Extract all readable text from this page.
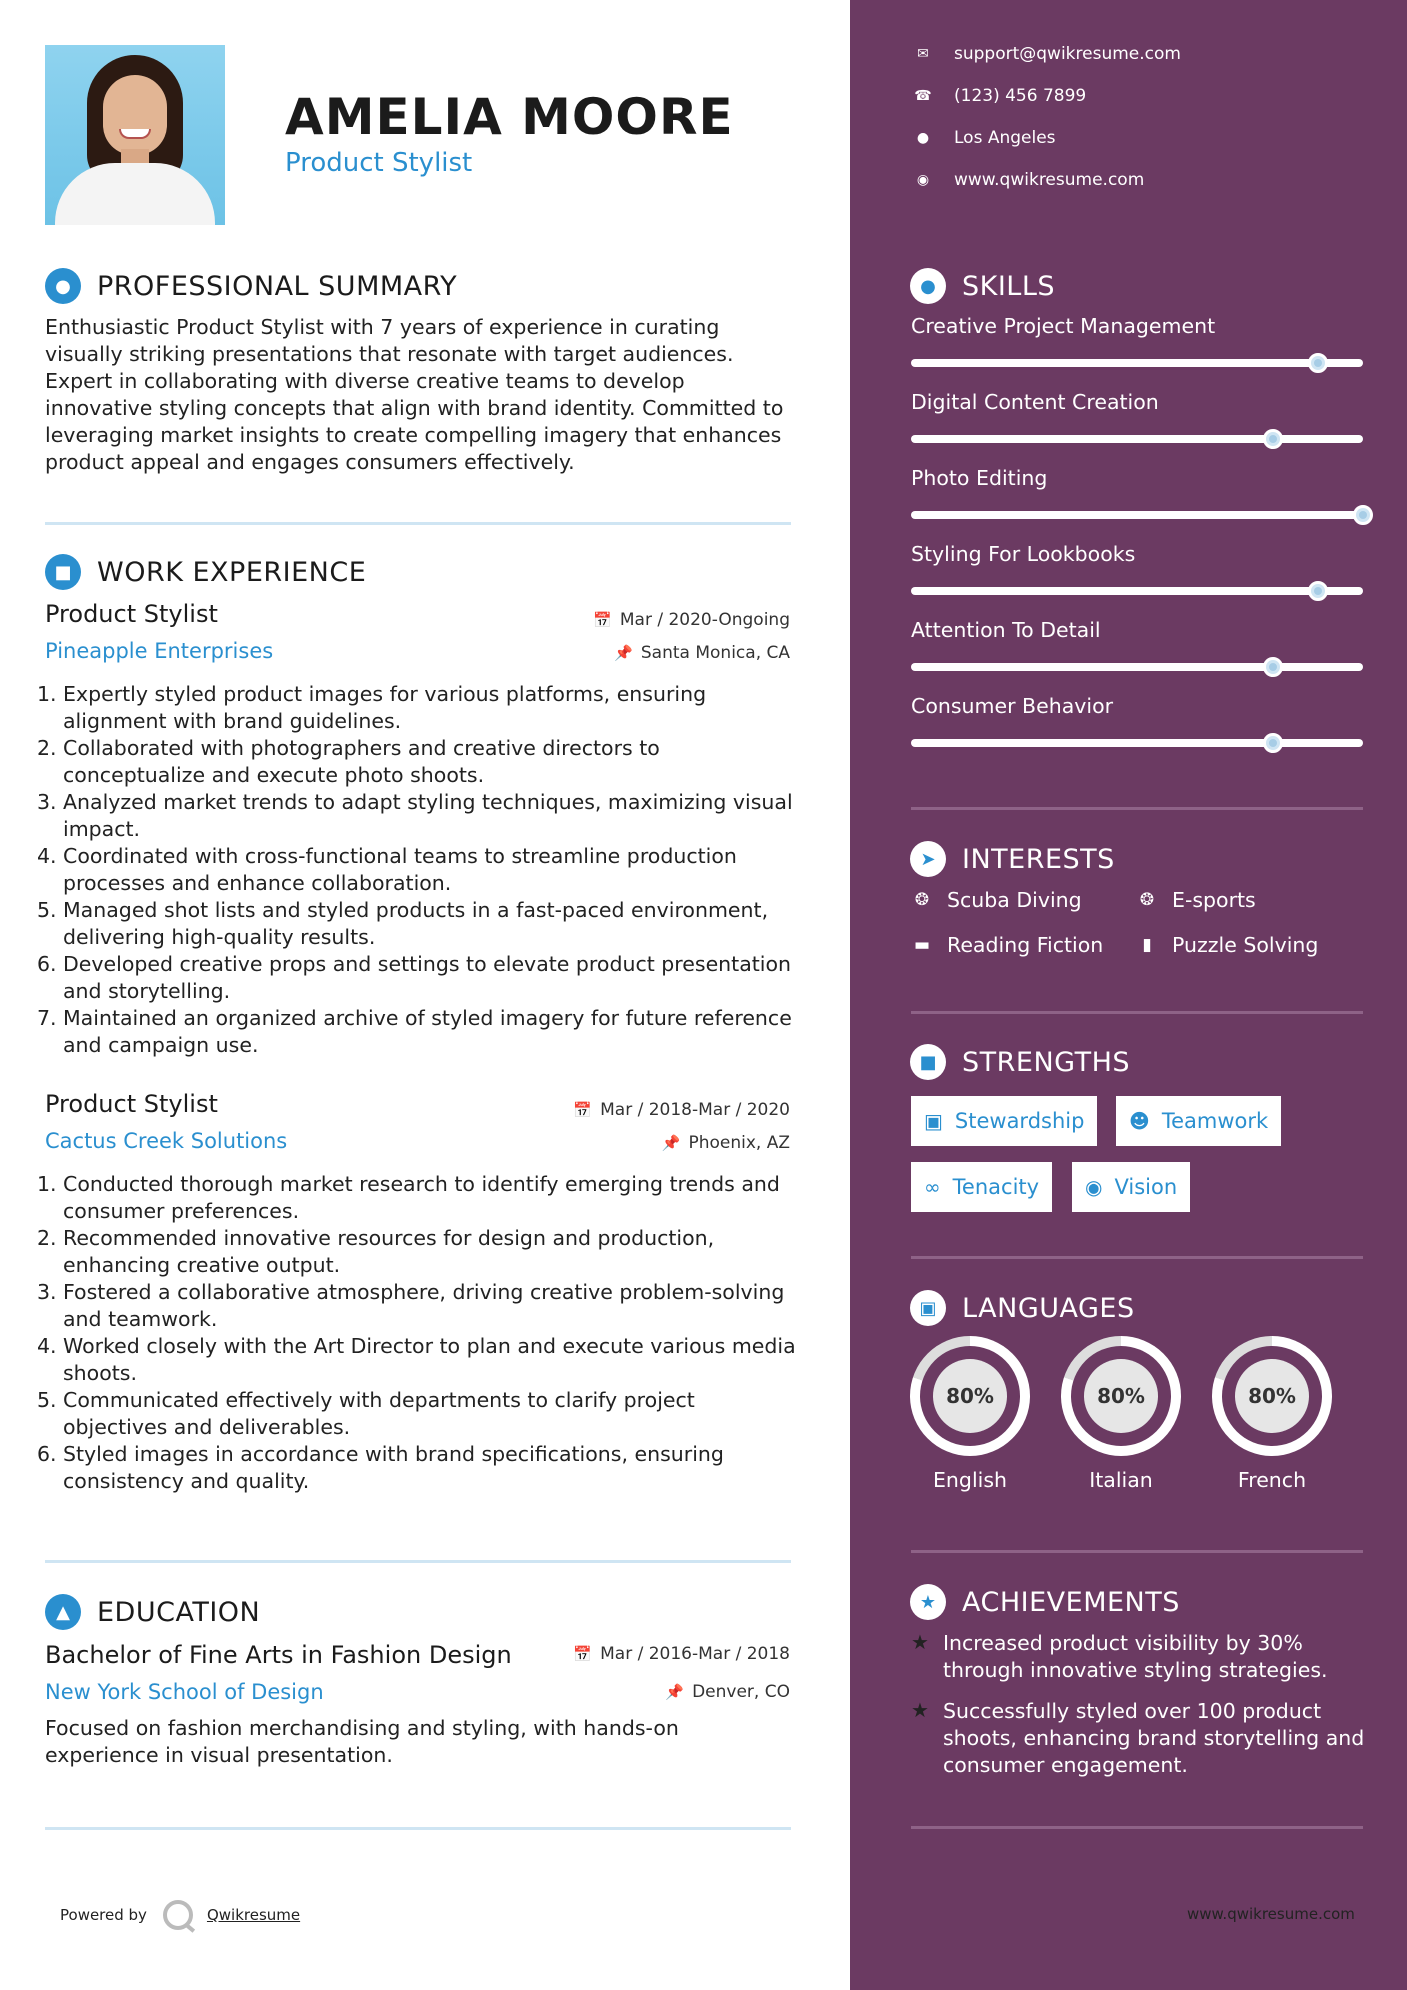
AMELIA MOORE
Product Stylist
● PROFESSIONAL SUMMARY
Enthusiastic Product Stylist with 7 years of experience in curating visually striking presentations that resonate with target audiences. Expert in collaborating with diverse creative teams to develop innovative styling concepts that align with brand identity. Committed to leveraging market insights to create compelling imagery that enhances product appeal and engages consumers effectively.
■ WORK EXPERIENCE
Product Stylist
Pineapple Enterprises
📅 Mar / 2020-Ongoing
📌 Santa Monica, CA
1. Expertly styled product images for various platforms, ensuring alignment with brand guidelines.
2. Collaborated with photographers and creative directors to conceptualize and execute photo shoots.
3. Analyzed market trends to adapt styling techniques, maximizing visual impact.
4. Coordinated with cross-functional teams to streamline production processes and enhance collaboration.
5. Managed shot lists and styled products in a fast-paced environment, delivering high-quality results.
6. Developed creative props and settings to elevate product presentation and storytelling.
7. Maintained an organized archive of styled imagery for future reference and campaign use.
Product Stylist
Cactus Creek Solutions
📅 Mar / 2018-Mar / 2020
📌 Phoenix, AZ
1. Conducted thorough market research to identify emerging trends and consumer preferences.
2. Recommended innovative resources for design and production, enhancing creative output.
3. Fostered a collaborative atmosphere, driving creative problem-solving and teamwork.
4. Worked closely with the Art Director to plan and execute various media shoots.
5. Communicated effectively with departments to clarify project objectives and deliverables.
6. Styled images in accordance with brand specifications, ensuring consistency and quality.
▲	EDUCATION
Bachelor of Fine Arts in Fashion Design
New York School of Design
📅 Mar / 2016-Mar / 2018
📌 Denver, CO
Focused on fashion merchandising and styling, with hands-on experience in visual presentation.
Powered by	Qwikresume
✉	support@qwikresume.com
☎ (123) 456 7899
● Los Angeles
◉ www.qwikresume.com
● SKILLS
Creative Project Management
Digital Content Creation
Photo Editing
Styling For Lookbooks
Attention To Detail
Consumer Behavior
➤ INTERESTS
❂ Scuba Diving	❂ E-sports
▬ Reading Fiction	▮ Puzzle Solving
■ STRENGTHS
▣ Stewardship ☻ Teamwork
∞ Tenacity ◉ Vision
▣ LANGUAGES
80%
English
80%
Italian
80%
French
★ ACHIEVEMENTS
★ Increased product visibility by 30% through innovative styling strategies.
★ Successfully styled over 100 product shoots, enhancing brand storytelling and consumer engagement.
www.qwikresume.com
